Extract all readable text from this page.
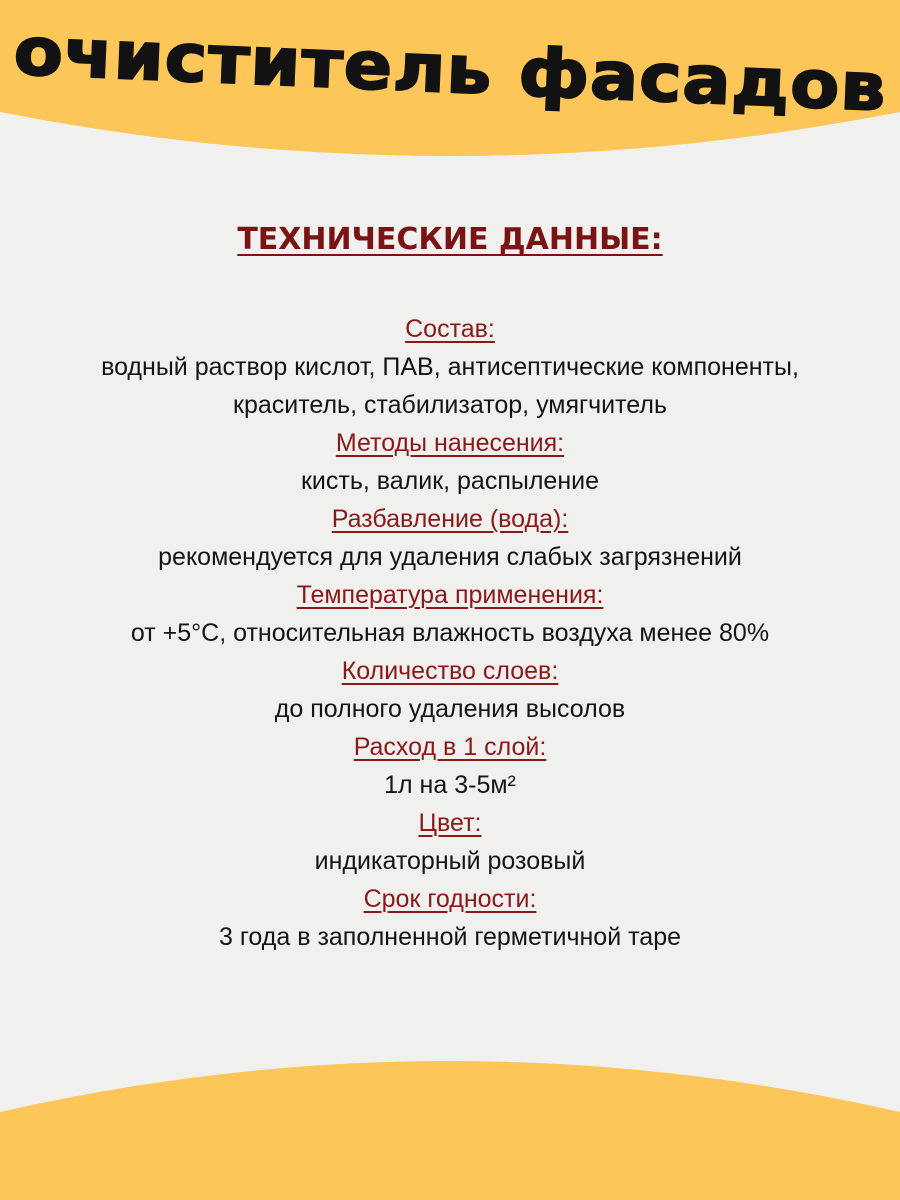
очиститель фасадов
ТЕХНИЧЕСКИЕ ДАННЫЕ:
Состав:
водный раствор кислот, ПАВ, антисептические компоненты,
краситель, стабилизатор, умягчитель
Методы нанесения:
кисть, валик, распыление
Разбавление (вода):
рекомендуется для удаления слабых загрязнений
Температура применения:
от +5°С, относительная влажность воздуха менее 80%
Количество слоев:
до полного удаления высолов
Расход в 1 слой:
1л на 3-5м²
Цвет:
индикаторный розовый
Срок годности:
3 года в заполненной герметичной таре
